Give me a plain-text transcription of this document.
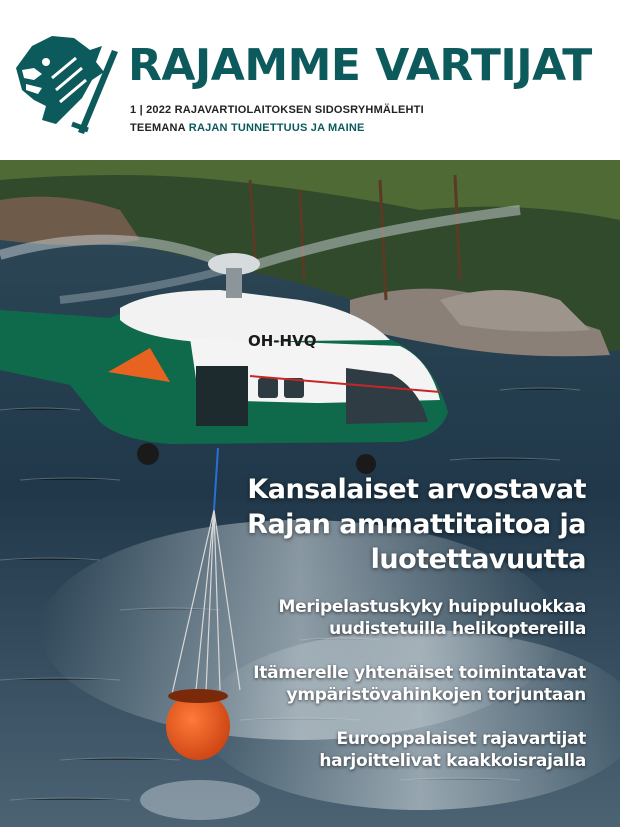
RAJAMME VARTIJAT
1 | 2022 RAJAVARTIOLAITOKSEN SIDOSRYHMÄLEHTI
TEEMANA RAJAN TUNNETTUUS JA MAINE
OH-HVQ
Kansalaiset arvostavat
Rajan ammattitaitoa ja
luotettavuutta

Meripelastuskyky huippuluokkaa
uudistetuilla helikoptereilla

Itämerelle yhtenäiset toimintatavat
ympäristövahinkojen torjuntaan

Eurooppalaiset rajavartijat
harjoittelivat kaakkoisrajalla
